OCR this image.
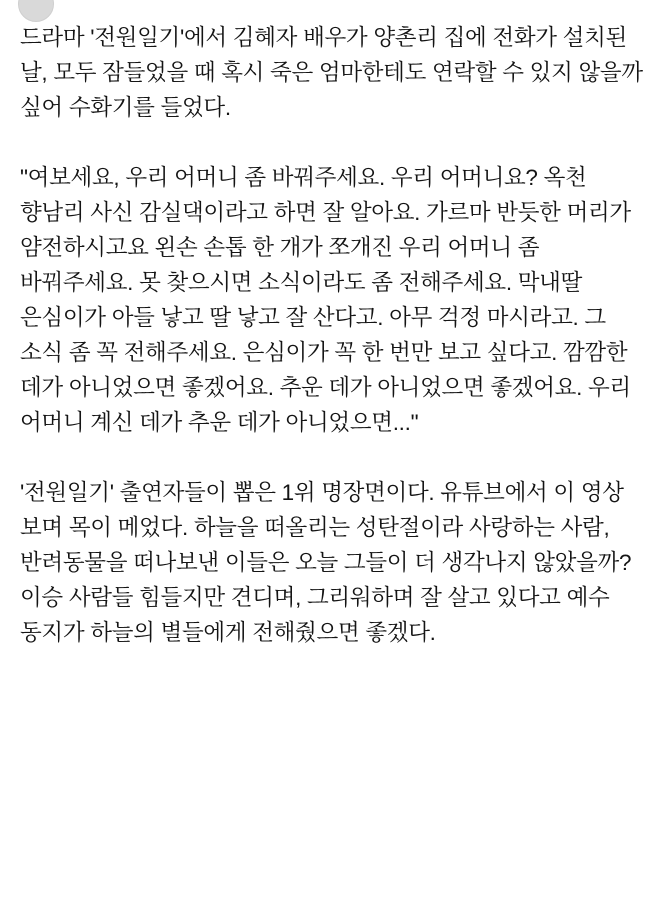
드라마 '전원일기'에서 김혜자 배우가 양촌리 집에 전화가 설치된 날, 모두 잠들었을 때 혹시 죽은 엄마한테도 연락할 수 있지 않을까 싶어 수화기를 들었다.

"여보세요, 우리 어머니 좀 바꿔주세요. 우리 어머니요? 옥천 향남리 사신 감실댁이라고 하면 잘 알아요. 가르마 반듯한 머리가 얌전하시고요 왼손 손톱 한 개가 쪼개진 우리 어머니 좀 바꿔주세요. 못 찾으시면 소식이라도 좀 전해주세요. 막내딸 은심이가 아들 낳고 딸 낳고 잘 산다고. 아무 걱정 마시라고. 그 소식 좀 꼭 전해주세요. 은심이가 꼭 한 번만 보고 싶다고. 깜깜한 데가 아니었으면 좋겠어요. 추운 데가 아니었으면 좋겠어요. 우리 어머니 계신 데가 추운 데가 아니었으면..."

'전원일기' 출연자들이 뽑은 1위 명장면이다. 유튜브에서 이 영상 보며 목이 메었다. 하늘을 떠올리는 성탄절이라 사랑하는 사람, 반려동물을 떠나보낸 이들은 오늘 그들이 더 생각나지 않았을까? 이승 사람들 힘들지만 견디며, 그리워하며 잘 살고 있다고 예수 동지가 하늘의 별들에게 전해줬으면 좋겠다.
